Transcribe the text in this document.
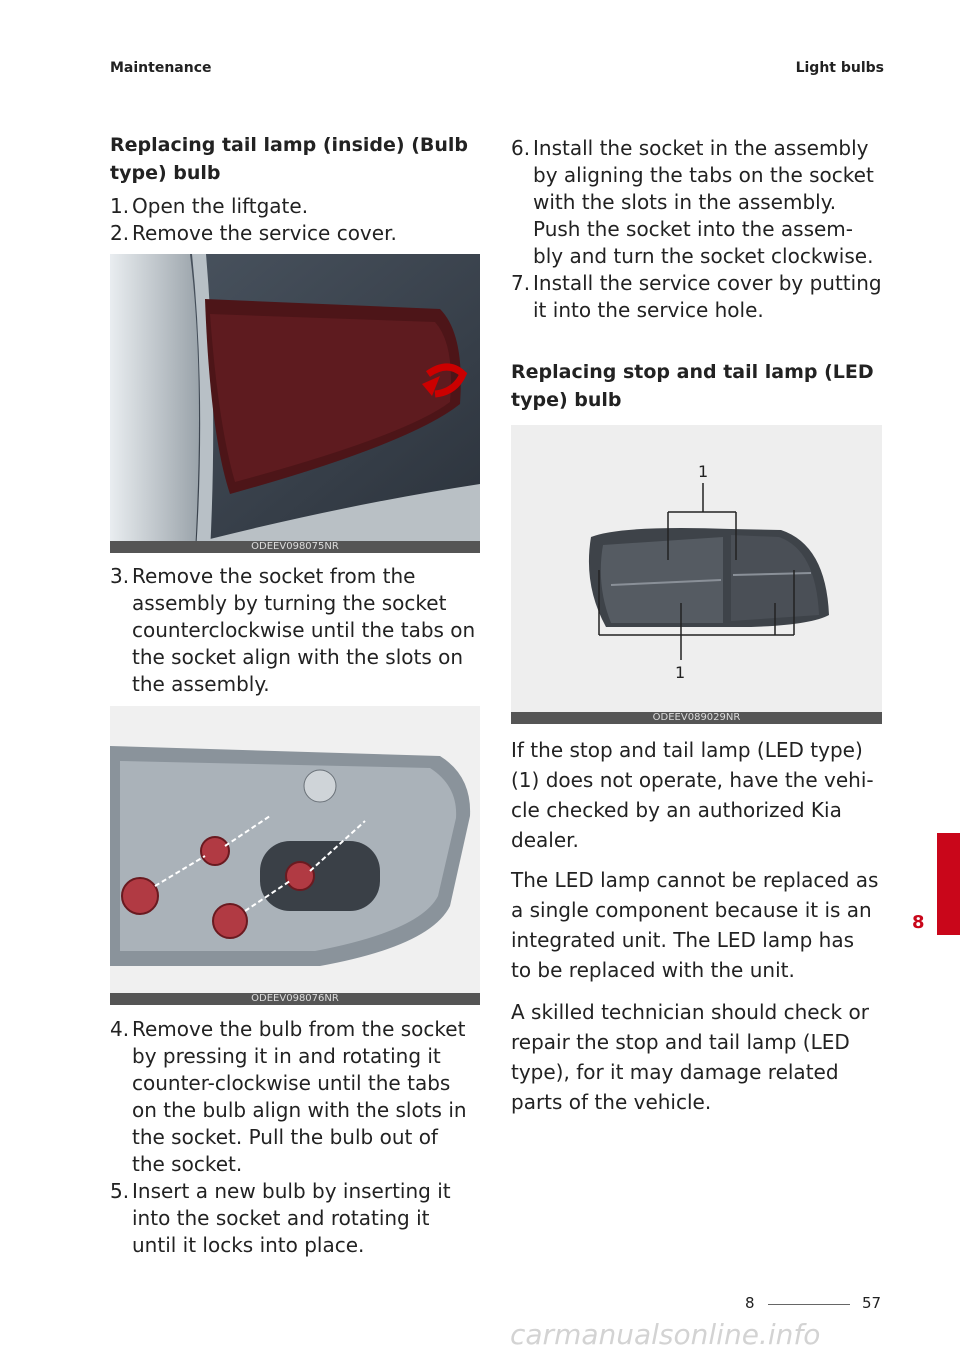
Maintenance	Light bulbs
Replacing tail lamp (inside) (Bulb
type) bulb
1. Open the liftgate.
2. Remove the service cover.
ODEEV098075NR
3. Remove the socket from the
assembly by turning the socket
counterclockwise until the tabs on
the socket align with the slots on
the assembly.
ODEEV098076NR
4. Remove the bulb from the socket
by pressing it in and rotating it
counter-clockwise until the tabs
on the bulb align with the slots in
the socket. Pull the bulb out of
the socket.
5. Insert a new bulb by inserting it
into the socket and rotating it
until it locks into place.
6. Install the socket in the assembly
by aligning the tabs on the socket
with the slots in the assembly.
Push the socket into the assem-
bly and turn the socket clockwise.
7. Install the service cover by putting
it into the service hole.
Replacing stop and tail lamp (LED
type) bulb
1
1
ODEEV089029NR
If the stop and tail lamp (LED type)
(1) does not operate, have the vehi-
cle checked by an authorized Kia
dealer.
The LED lamp cannot be replaced as
a single component because it is an
integrated unit. The LED lamp has
to be replaced with the unit.
A skilled technician should check or
repair the stop and tail lamp (LED
type), for it may damage related
parts of the vehicle.
8
8	57
carmanualsonline.info
